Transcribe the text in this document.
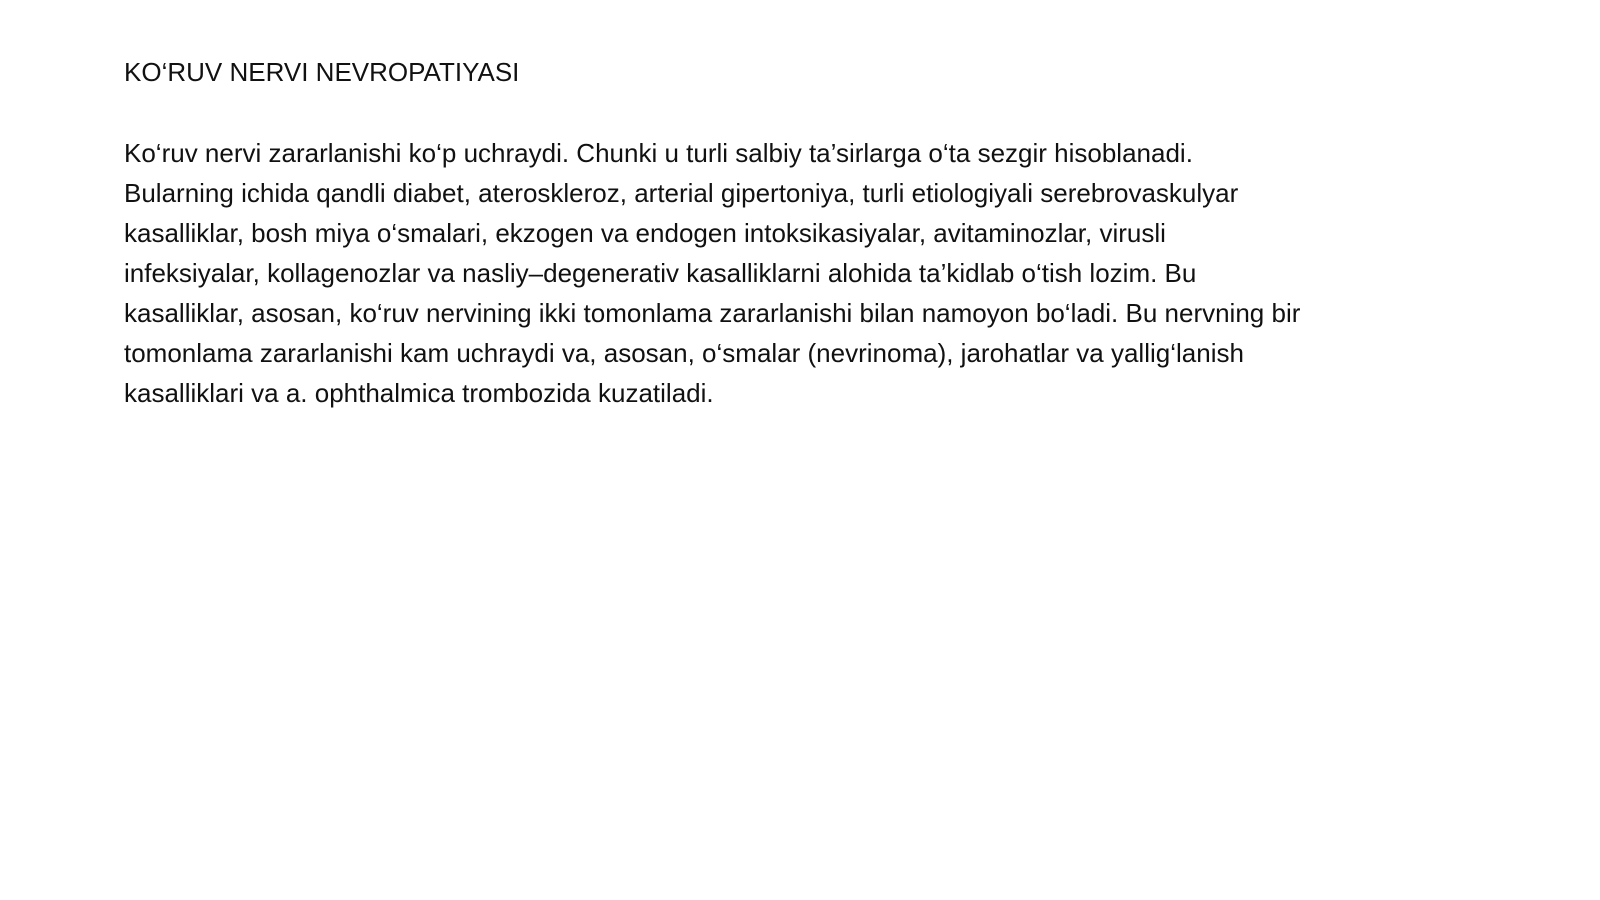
KO‘RUV NERVI NEVROPATIYASI

Ko‘ruv nervi zararlanishi ko‘p uchraydi. Chunki u turli salbiy ta’sirlarga o‘ta sezgir hisoblanadi.
Bularning ichida qandli diabet, ateroskleroz, arterial gipertoniya, turli etiologiyali serebrovaskulyar
kasalliklar, bosh miya o‘smalari, ekzogen va endogen intoksikasiyalar, avitaminozlar, virusli
infeksiyalar, kollagenozlar va nasliy–degenerativ kasalliklarni alohida ta’kidlab o‘tish lozim. Bu
kasalliklar, asosan, ko‘ruv nervining ikki tomonlama zararlanishi bilan namoyon bo‘ladi. Bu nervning bir
tomonlama zararlanishi kam uchraydi va, asosan, o‘smalar (nevrinoma), jarohatlar va yallig‘lanish
kasalliklari va a. ophthalmica trombozida kuzatiladi.
